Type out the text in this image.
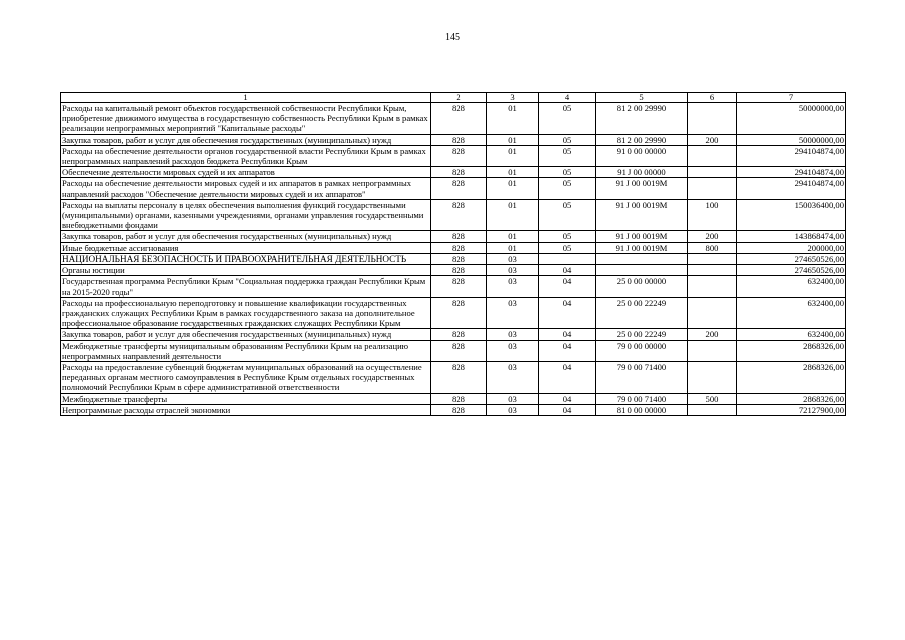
145
1	2	3	4	5	6	7
Расходы на капитальный ремонт объектов государственной собственности Республики Крым, приобретение движимого имущества в государственную собственность Республики Крым в рамках реализации непрограммных мероприятий "Капитальные расходы"	828	01	05	81 2 00 29990		50000000,00
Закупка товаров, работ и услуг для обеспечения государственных (муниципальных) нужд	828	01	05	81 2 00 29990	200	50000000,00
Расходы на обеспечение деятельности органов государственной власти Республики Крым в рамках непрограммных направлений расходов бюджета Республики Крым	828	01	05	91 0 00 00000		294104874,00
Обеспечение деятельности мировых судей и их аппаратов	828	01	05	91 J 00 00000		294104874,00
Расходы на обеспечение деятельности мировых судей и их аппаратов в рамках непрограммных направлений расходов "Обеспечение деятельности мировых судей и их аппаратов"	828	01	05	91 J 00 0019M		294104874,00
Расходы на выплаты персоналу в целях обеспечения выполнения функций государственными (муниципальными) органами, казенными учреждениями, органами управления государственными внебюджетными фондами	828	01	05	91 J 00 0019M	100	150036400,00
Закупка товаров, работ и услуг для обеспечения государственных (муниципальных) нужд	828	01	05	91 J 00 0019M	200	143868474,00
Иные бюджетные ассигнования	828	01	05	91 J 00 0019M	800	200000,00
НАЦИОНАЛЬНАЯ БЕЗОПАСНОСТЬ И ПРАВООХРАНИТЕЛЬНАЯ ДЕЯТЕЛЬНОСТЬ	828	03				274650526,00
Органы юстиции	828	03	04			274650526,00
Государственная программа Республики Крым "Социальная поддержка граждан Республики Крым на 2015-2020 годы"	828	03	04	25 0 00 00000		632400,00
Расходы на профессиональную переподготовку и повышение квалификации государственных гражданских служащих Республики Крым в рамках государственного заказа на дополнительное профессиональное образование государственных гражданских служащих Республики Крым	828	03	04	25 0 00 22249		632400,00
Закупка товаров, работ и услуг для обеспечения государственных (муниципальных) нужд	828	03	04	25 0 00 22249	200	632400,00
Межбюджетные трансферты муниципальным образованиям Республики Крым на реализацию непрограммных направлений деятельности	828	03	04	79 0 00 00000		2868326,00
Расходы на предоставление субвенций бюджетам муниципальных образований на осуществление переданных органам местного самоуправления в Республике Крым отдельных государственных полномочий Республики Крым в сфере административной ответственности	828	03	04	79 0 00 71400		2868326,00
Межбюджетные трансферты	828	03	04	79 0 00 71400	500	2868326,00
Непрограммные расходы отраслей экономики	828	03	04	81 0 00 00000		72127900,00
